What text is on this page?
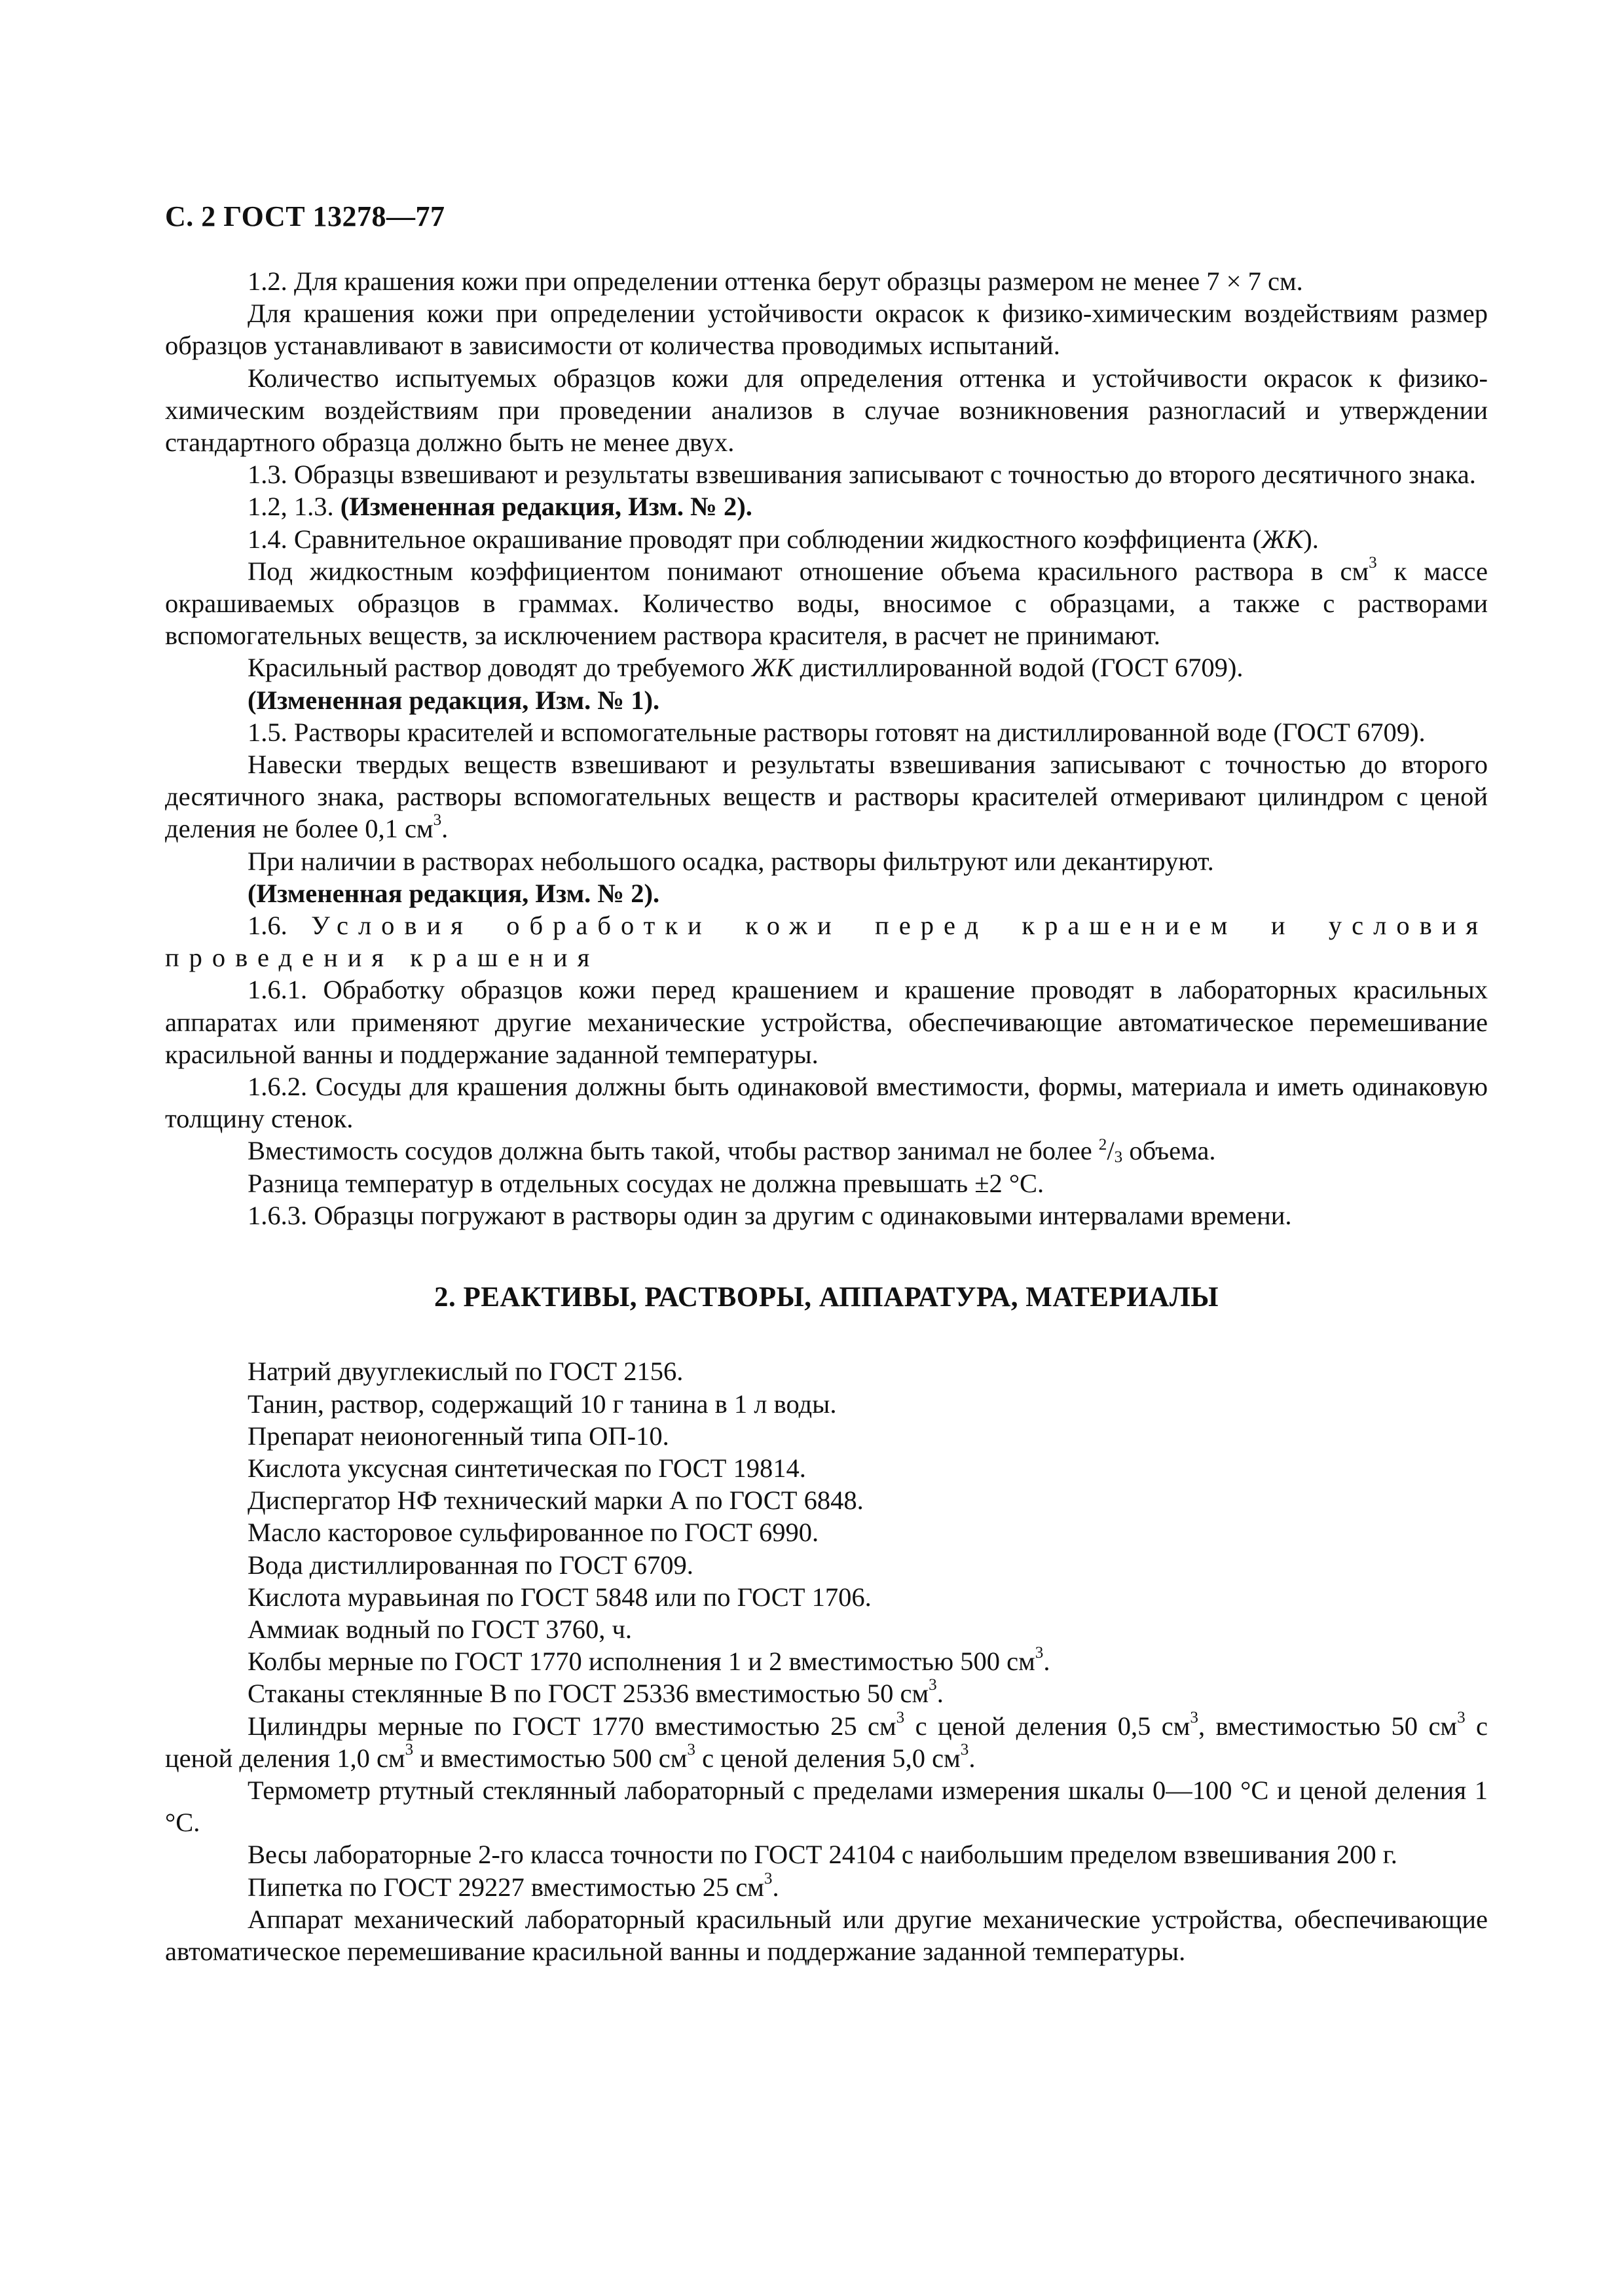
С. 2 ГОСТ 13278—77

1.2. Для крашения кожи при определении оттенка берут образцы размером не менее 7 × 7 см.

Для крашения кожи при определении устойчивости окрасок к физико-химическим воздействиям размер образцов устанавливают в зависимости от количества проводимых испытаний.

Количество испытуемых образцов кожи для определения оттенка и устойчивости окрасок к физико-химическим воздействиям при проведении анализов в случае возникновения разногласий и утверждении стандартного образца должно быть не менее двух.

1.3. Образцы взвешивают и результаты взвешивания записывают с точностью до второго десятичного знака.

1.2, 1.3. (Измененная редакция, Изм. № 2).

1.4. Сравнительное окрашивание проводят при соблюдении жидкостного коэффициента (ЖК).

Под жидкостным коэффициентом понимают отношение объема красильного раствора в $см^3$ к массе окрашиваемых образцов в граммах. Количество воды, вносимое с образцами, а также с растворами вспомогательных веществ, за исключением раствора красителя, в расчет не принимают.

Красильный раствор доводят до требуемого ЖК дистиллированной водой (ГОСТ 6709).

(Измененная редакция, Изм. № 1).

1.5. Растворы красителей и вспомогательные растворы готовят на дистиллированной воде (ГОСТ 6709).

Навески твердых веществ взвешивают и результаты взвешивания записывают с точностью до второго десятичного знака, растворы вспомогательных веществ и растворы красителей отмеривают цилиндром с ценой деления не более 0,1 $см^3$.

При наличии в растворах небольшого осадка, растворы фильтруют или декантируют.

(Измененная редакция, Изм. № 2).

1.6. Условия обработки кожи перед крашением и условия проведения крашения

1.6.1. Обработку образцов кожи перед крашением и крашение проводят в лабораторных красильных аппаратах или применяют другие механические устройства, обеспечивающие автоматическое перемешивание красильной ванны и поддержание заданной температуры.

1.6.2. Сосуды для крашения должны быть одинаковой вместимости, формы, материала и иметь одинаковую толщину стенок.

Вместимость сосудов должна быть такой, чтобы раствор занимал не более $^2$/3 объема.

Разница температур в отдельных сосудах не должна превышать ±2 °С.

1.6.3. Образцы погружают в растворы один за другим с одинаковыми интервалами времени.

2. РЕАКТИВЫ, РАСТВОРЫ, АППАРАТУРА, МАТЕРИАЛЫ

Натрий двууглекислый по ГОСТ 2156.

Танин, раствор, содержащий 10 г танина в 1 л воды.

Препарат неионогенный типа ОП-10.

Кислота уксусная синтетическая по ГОСТ 19814.

Диспергатор НФ технический марки А по ГОСТ 6848.

Масло касторовое сульфированное по ГОСТ 6990.

Вода дистиллированная по ГОСТ 6709.

Кислота муравьиная по ГОСТ 5848 или по ГОСТ 1706.

Аммиак водный по ГОСТ 3760, ч.

Колбы мерные по ГОСТ 1770 исполнения 1 и 2 вместимостью 500 $см^3$.

Стаканы стеклянные В по ГОСТ 25336 вместимостью 50 $см^3$.

Цилиндры мерные по ГОСТ 1770 вместимостью 25 $см^3$ с ценой деления 0,5 $см^3$, вместимостью 50 $см^3$ с ценой деления 1,0 $см^3$ и вместимостью 500 $см^3$ с ценой деления 5,0 $см^3$.

Термометр ртутный стеклянный лабораторный с пределами измерения шкалы 0—100 °С и ценой деления 1 °С.

Весы лабораторные 2-го класса точности по ГОСТ 24104 с наибольшим пределом взвешивания 200 г.

Пипетка по ГОСТ 29227 вместимостью 25 $см^3$.

Аппарат механический лабораторный красильный или другие механические устройства, обеспечивающие автоматическое перемешивание красильной ванны и поддержание заданной температуры.
